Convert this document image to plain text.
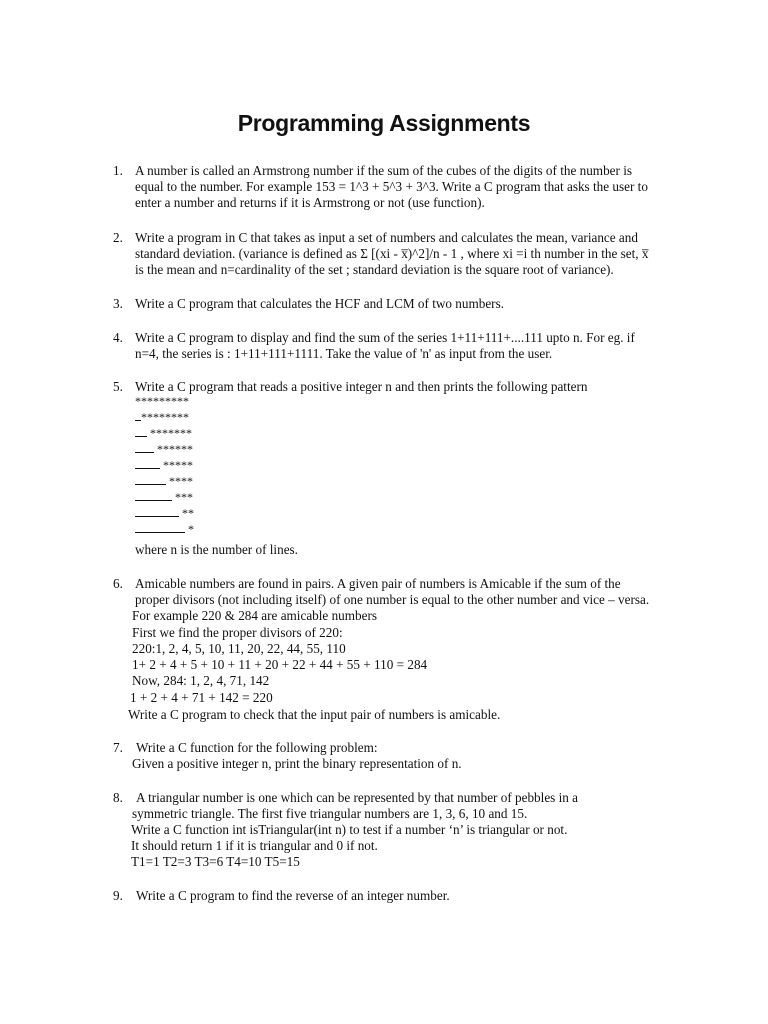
Programming Assignments
1. A number is called an Armstrong number if the sum of the cubes of the digits of the number is
equal to the number. For example 153 = 1^3 + 5^3 + 3^3. Write a C program that asks the user to
enter a number and returns if it is Armstrong or not (use function).
2. Write a program in C that takes as input a set of numbers and calculates the mean, variance and
standard deviation. (variance is defined as Σ [(xi - x̅)^2]/n - 1 , where xi =i th number in the set, x̅
is the mean and n=cardinality of the set ; standard deviation is the square root of variance).
3. Write a C program that calculates the HCF and LCM of two numbers.
4. Write a C program to display and find the sum of the series 1+11+111+....111 upto n. For eg. if
n=4, the series is : 1+11+111+1111. Take the value of 'n' as input from the user.
5. Write a C program that reads a positive integer n and then prints the following pattern
*********
********
*******
******
*****
****
***
**
*
where n is the number of lines.
6. Amicable numbers are found in pairs. A given pair of numbers is Amicable if the sum of the
proper divisors (not including itself) of one number is equal to the other number and vice – versa.
For example 220 & 284 are amicable numbers
First we find the proper divisors of 220:
220:1, 2, 4, 5, 10, 11, 20, 22, 44, 55, 110
1+ 2 + 4 + 5 + 10 + 11 + 20 + 22 + 44 + 55 + 110 = 284
Now, 284: 1, 2, 4, 71, 142
1 + 2 + 4 + 71 + 142 = 220
Write a C program to check that the input pair of numbers is amicable.
7. Write a C function for the following problem:
Given a positive integer n, print the binary representation of n.
8. A triangular number is one which can be represented by that number of pebbles in a
symmetric triangle. The first five triangular numbers are 1, 3, 6, 10 and 15.
Write a C function int isTriangular(int n) to test if a number ‘n’ is triangular or not.
It should return 1 if it is triangular and 0 if not.
T1=1 T2=3 T3=6 T4=10 T5=15
9. Write a C program to find the reverse of an integer number.
